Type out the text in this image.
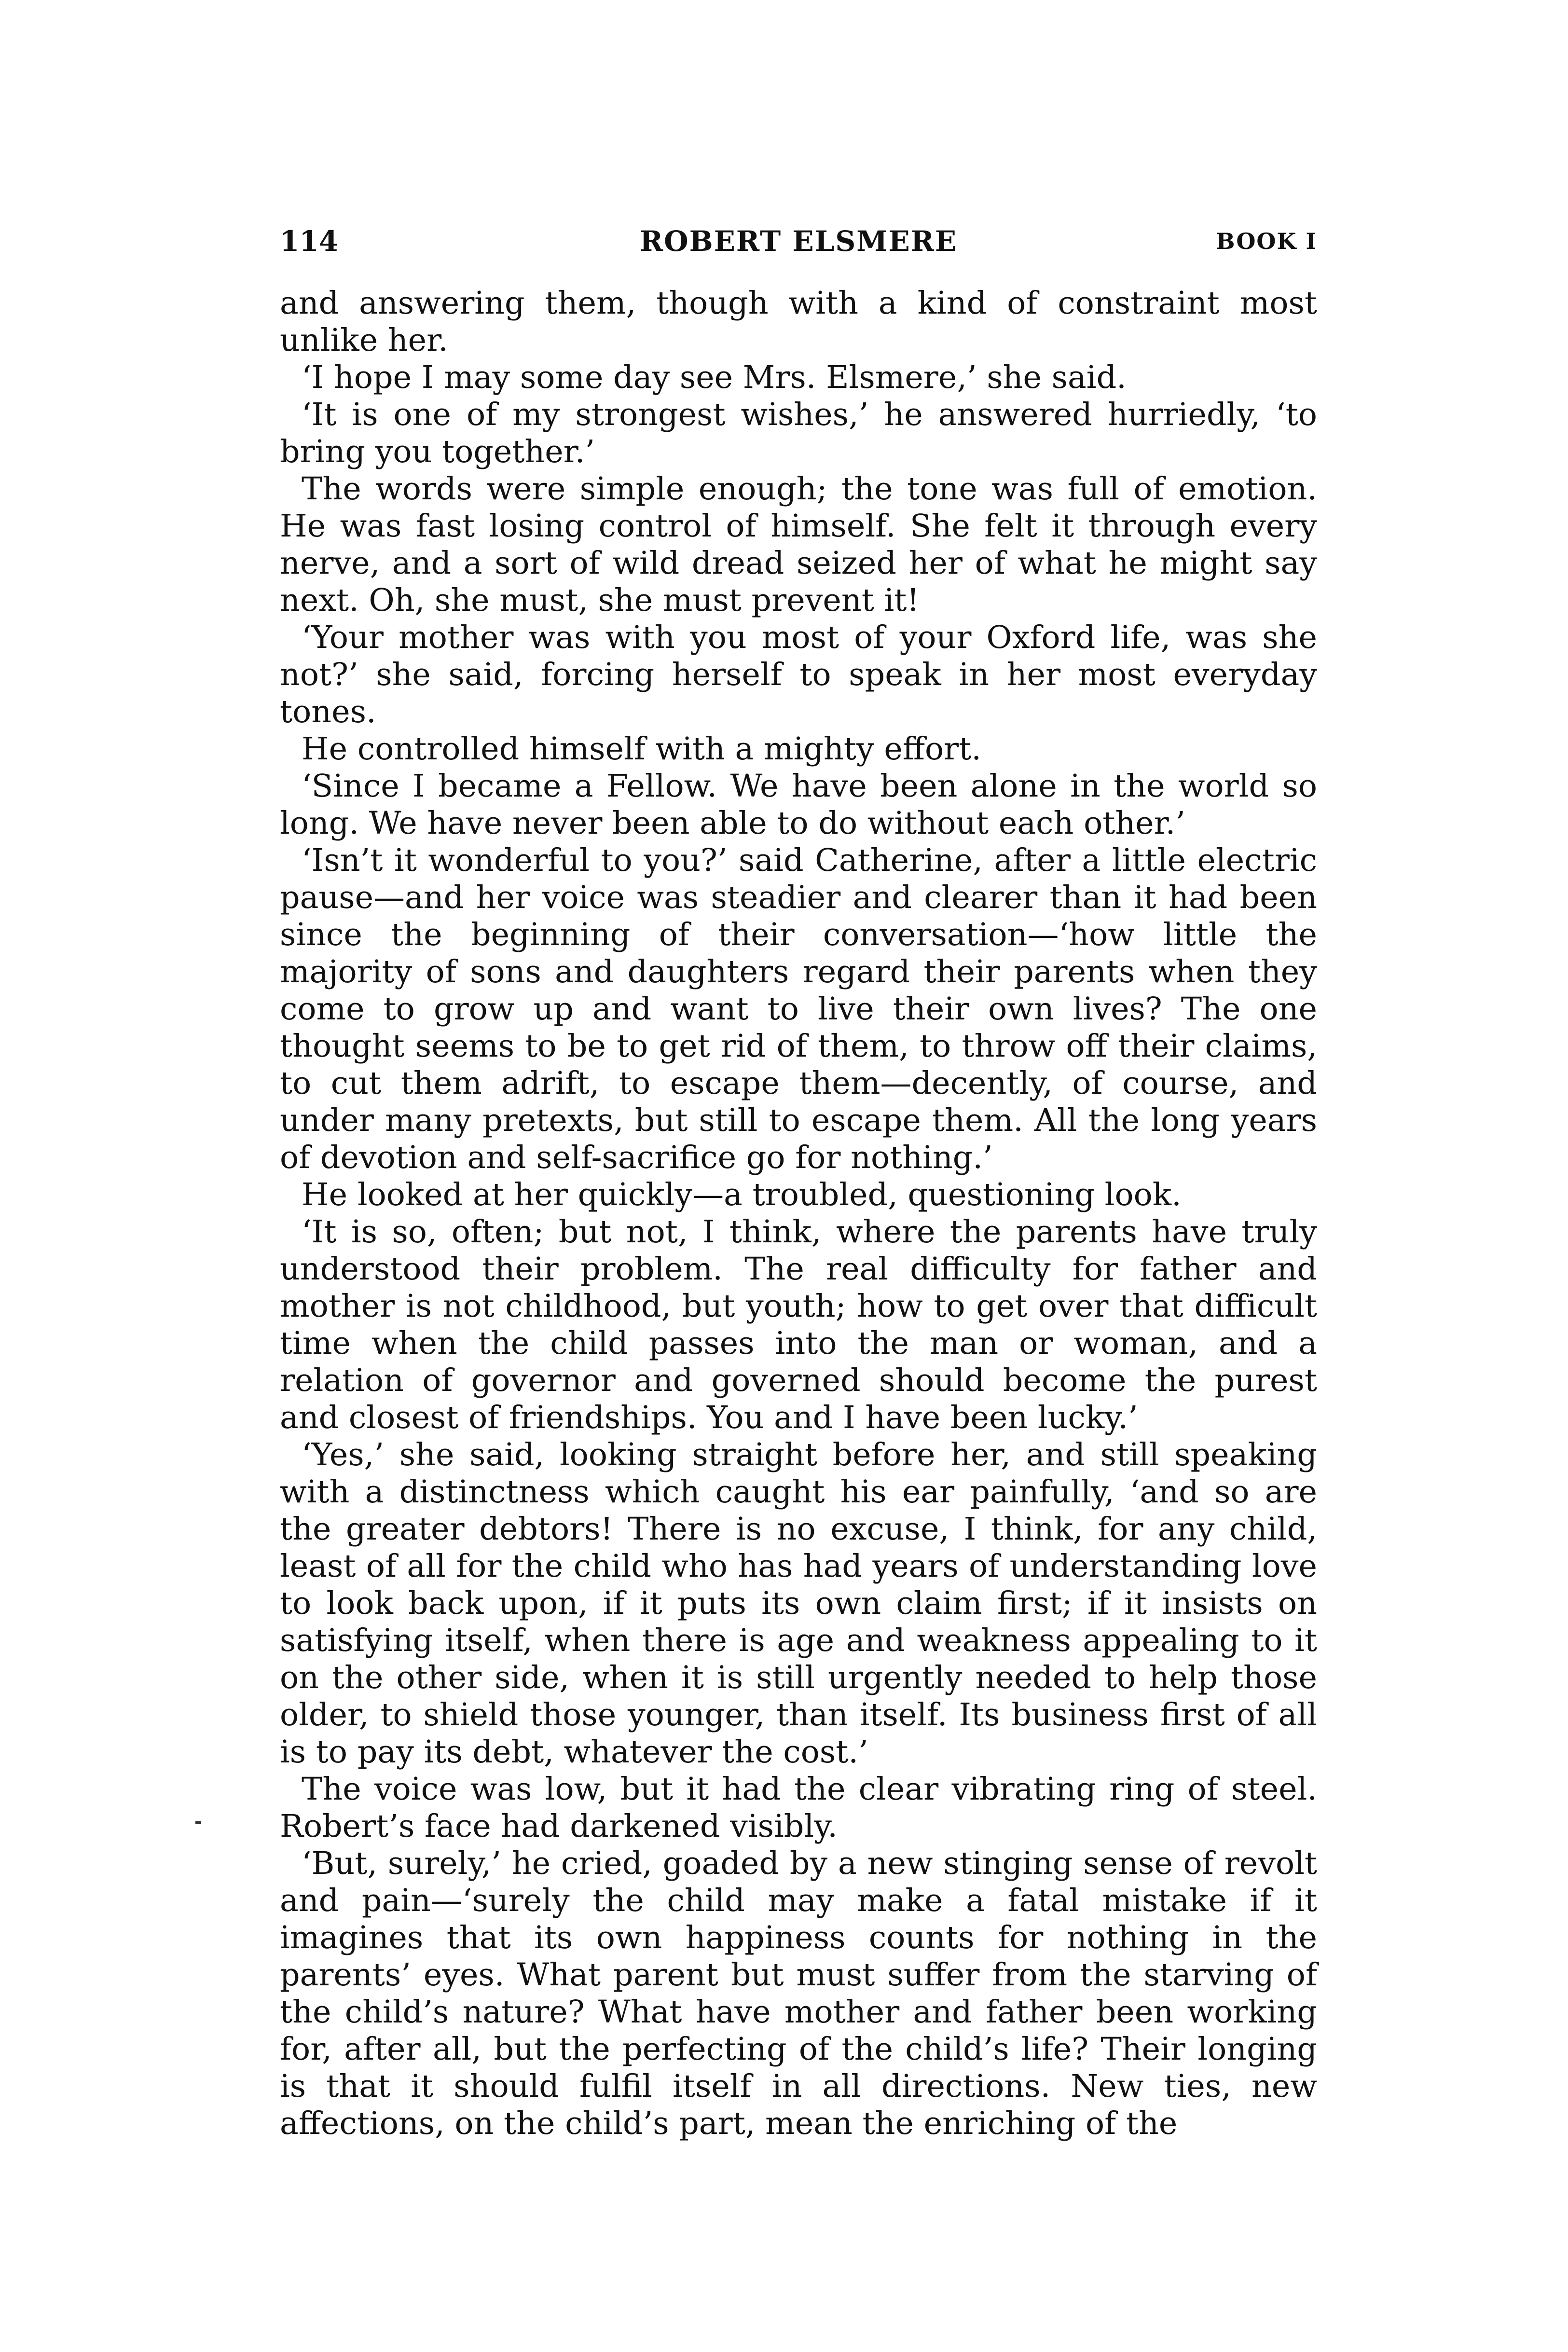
114	ROBERT ELSMERE	BOOK I

and answering them, though with a kind of constraint most unlike her.

‘I hope I may some day see Mrs. Elsmere,’ she said.

‘It is one of my strongest wishes,’ he answered hurriedly, ‘to bring you together.’

The words were simple enough; the tone was full of emotion. He was fast losing control of himself. She felt it through every nerve, and a sort of wild dread seized her of what he might say next. Oh, she must, she must prevent it!

‘Your mother was with you most of your Oxford life, was she not?’ she said, forcing herself to speak in her most everyday tones.

He controlled himself with a mighty effort.

‘Since I became a Fellow. We have been alone in the world so long. We have never been able to do without each other.’

‘Isn’t it wonderful to you?’ said Catherine, after a little electric pause—and her voice was steadier and clearer than it had been since the beginning of their conversation—‘how little the majority of sons and daughters regard their parents when they come to grow up and want to live their own lives? The one thought seems to be to get rid of them, to throw off their claims, to cut them adrift, to escape them—decently, of course, and under many pretexts, but still to escape them. All the long years of devotion and self-sacrifice go for nothing.’

He looked at her quickly—a troubled, questioning look.

‘It is so, often; but not, I think, where the parents have truly understood their problem. The real difficulty for father and mother is not childhood, but youth; how to get over that difficult time when the child passes into the man or woman, and a relation of governor and governed should become the purest and closest of friendships. You and I have been lucky.’

‘Yes,’ she said, looking straight before her, and still speaking with a distinctness which caught his ear painfully, ‘and so are the greater debtors! There is no excuse, I think, for any child, least of all for the child who has had years of understanding love to look back upon, if it puts its own claim first; if it insists on satisfying itself, when there is age and weakness appealing to it on the other side, when it is still urgently needed to help those older, to shield those younger, than itself. Its business first of all is to pay its debt, whatever the cost.’

The voice was low, but it had the clear vibrating ring of steel. Robert’s face had darkened visibly.

‘But, surely,’ he cried, goaded by a new stinging sense of revolt and pain—‘surely the child may make a fatal mistake if it imagines that its own happiness counts for nothing in the parents’ eyes. What parent but must suffer from the starving of the child’s nature? What have mother and father been working for, after all, but the perfecting of the child’s life? Their longing is that it should fulfil itself in all directions. New ties, new affections, on the child’s part, mean the enriching of the
